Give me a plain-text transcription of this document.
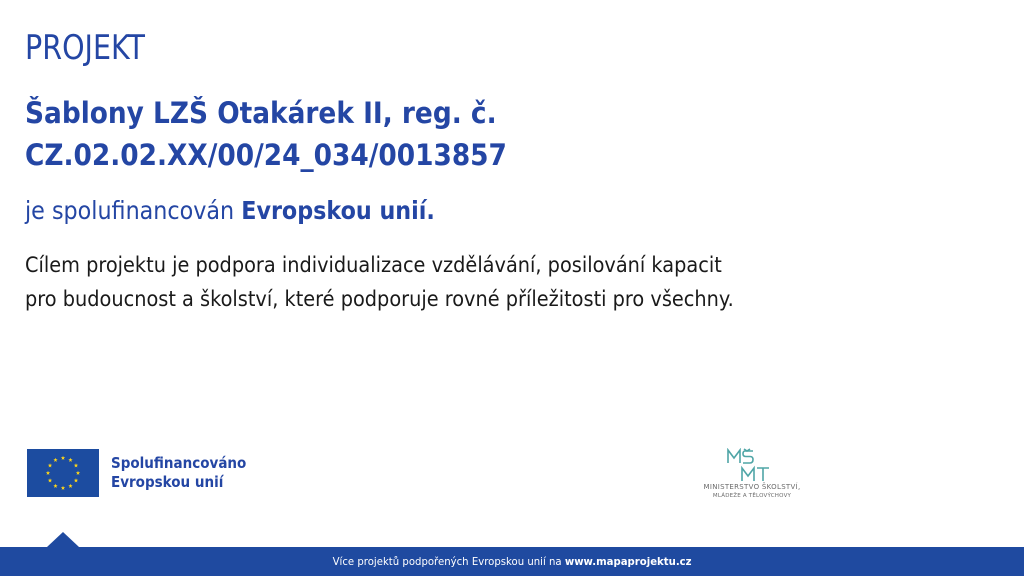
PROJEKT
Šablony LZŠ Otakárek II, reg. č.
CZ.02.02.XX/00/24_034/0013857

je spolufinancován Evropskou unií.

Cílem projektu je podpora individualizace vzdělávání, posilování kapacit
pro budoucnost a školství, které podporuje rovné příležitosti pro všechny.

Spolufinancováno
Evropskou unií	MINISTERSTVO ŠKOLSTVÍ,
MLÁDEŽE A TĚLOVÝCHOVY
Více projektů podpořených Evropskou unií na www.mapaprojektu.cz
